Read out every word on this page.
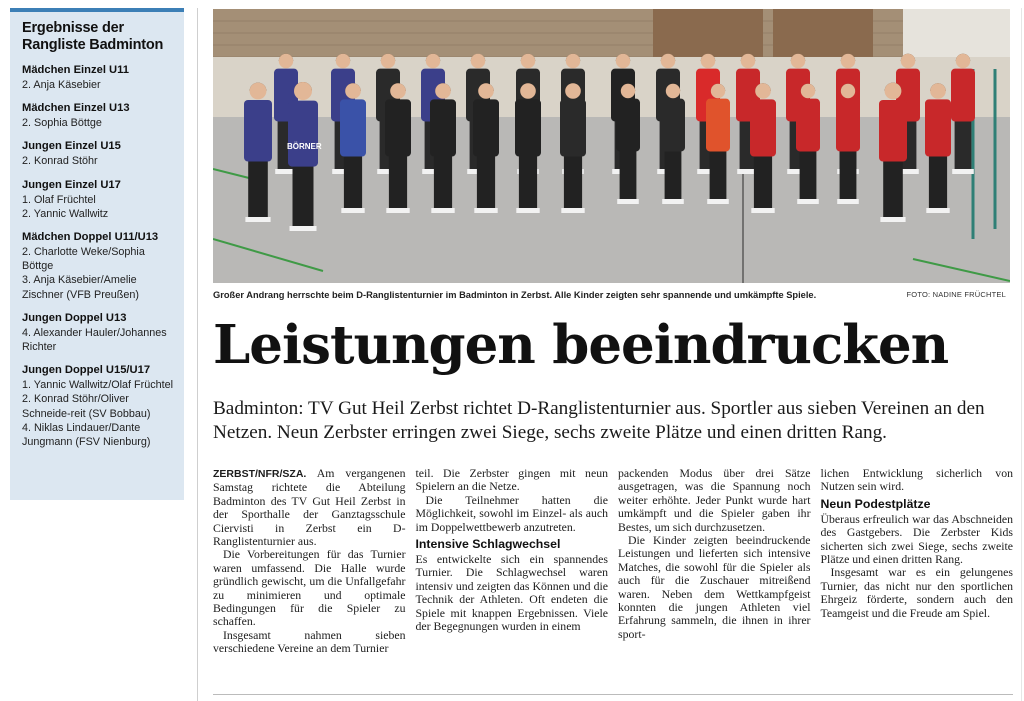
Ergebnisse der Rangliste Badminton
Mädchen Einzel U11
2. Anja Käsebier
Mädchen Einzel U13
2. Sophia Böttge
Jungen Einzel U15
2. Konrad Stöhr
Jungen Einzel U17
1. Olaf Früchtel
2. Yannic Wallwitz
Mädchen Doppel U11/U13
2. Charlotte Weke/Sophia Böttge
3. Anja Käsebier/Amelie Zischner (VFB Preußen)
Jungen Doppel U13
4. Alexander Hauler/Johannes Richter
Jungen Doppel U15/U17
1. Yannic Wallwitz/Olaf Früchtel
2. Konrad Stöhr/Oliver Schneide-reit (SV Bobbau)
4. Niklas Lindauer/Dante Jungmann (FSV Nienburg)
BÖRNER
Großer Andrang herrschte beim D-Ranglistenturnier im Badminton in Zerbst. Alle Kinder zeigten sehr spannende und umkämpfte Spiele.	FOTO: NADINE FRÜCHTEL
Leistungen beeindrucken

Badminton: TV Gut Heil Zerbst richtet D-Ranglistenturnier aus. Sportler aus sieben Vereinen an den Netzen. Neun Zerbster erringen zwei Siege, sechs zweite Plätze und einen dritten Rang.

ZERBST/NFR/SZA. Am vergangenen Samstag richtete die Abteilung Badminton des TV Gut Heil Zerbst in der Sporthalle der Ganztagsschule Ciervisti in Zerbst ein D-Ranglistenturnier aus.

Die Vorbereitungen für das Turnier waren umfassend. Die Halle wurde gründlich gewischt, um die Unfallgefahr zu minimieren und optimale Bedingungen für die Spieler zu schaffen.

Insgesamt nahmen sieben verschiedene Vereine an dem Turnier

teil. Die Zerbster gingen mit neun Spielern an die Netze.

Die Teilnehmer hatten die Möglichkeit, sowohl im Einzel- als auch im Doppelwettbewerb anzutreten.

Intensive Schlagwechsel

Es entwickelte sich ein spannendes Turnier. Die Schlagwechsel waren intensiv und zeigten das Können und die Technik der Athleten. Oft endeten die Spiele mit knappen Ergebnissen. Viele der Begegnungen wurden in einem

packenden Modus über drei Sätze ausgetragen, was die Spannung noch weiter erhöhte. Jeder Punkt wurde hart umkämpft und die Spieler gaben ihr Bestes, um sich durchzusetzen.

Die Kinder zeigten beeindruckende Leistungen und lieferten sich intensive Matches, die sowohl für die Spieler als auch für die Zuschauer mitreißend waren. Neben dem Wettkampfgeist konnten die jungen Athleten viel Erfahrung sammeln, die ihnen in ihrer sport-

lichen Entwicklung sicherlich von Nutzen sein wird.

Neun Podestplätze

Überaus erfreulich war das Abschneiden des Gastgebers. Die Zerbster Kids sicherten sich zwei Siege, sechs zweite Plätze und einen dritten Rang.

Insgesamt war es ein gelungenes Turnier, das nicht nur den sportlichen Ehrgeiz förderte, sondern auch den Teamgeist und die Freude am Spiel.
